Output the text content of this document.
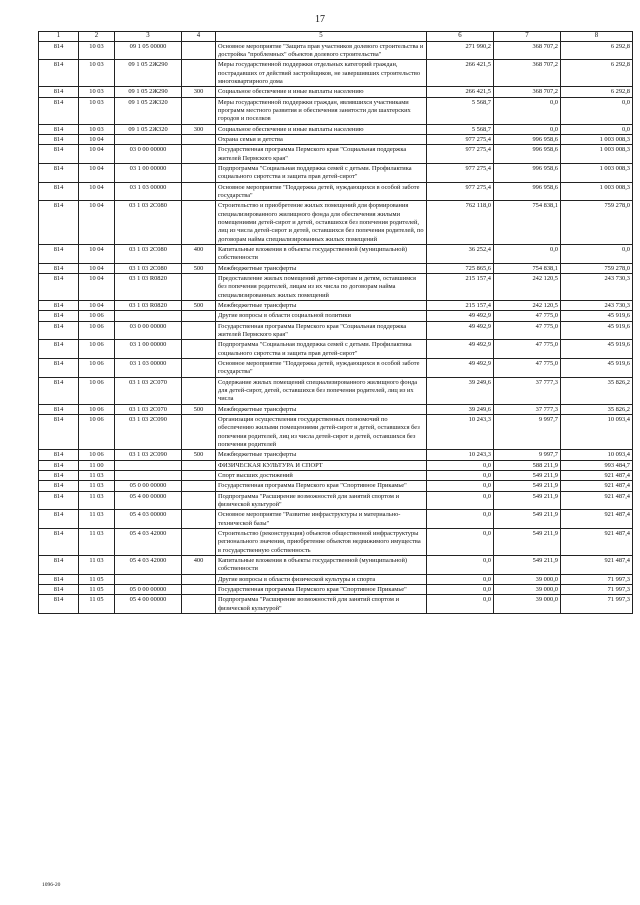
17
1	2	3	4	5	6	7	8
814	10 03	09 1 05 00000		Основное мероприятие "Защита прав участников долевого строительства и достройка "проблемных" объектов долевого строительства"	271 990,2	368 707,2	6 292,8
814	10 03	09 1 05 2Ж290		Меры государственной поддержки отдельных категорий граждан, пострадавших от действий застройщиков, не завершивших строительство многоквартирного дома	266 421,5	368 707,2	6 292,8
814	10 03	09 1 05 2Ж290	300	Социальное обеспечение и иные выплаты населению	266 421,5	368 707,2	6 292,8
814	10 03	09 1 05 2Ж320		Меры государственной поддержки граждан, являвшихся участниками программ местного развития и обеспечения занятости для шахтерских городов и поселков	5 568,7	0,0	0,0
814	10 03	09 1 05 2Ж320	300	Социальное обеспечение и иные выплаты населению	5 568,7	0,0	0,0
814	10 04			Охрана семьи и детства	977 275,4	996 958,6	1 003 008,3
814	10 04	03 0 00 00000		Государственная программа Пермского края "Социальная поддержка жителей Пермского края"	977 275,4	996 958,6	1 003 008,3
814	10 04	03 1 00 00000		Подпрограмма "Социальная поддержка семей с детьми. Профилактика социального сиротства и защита прав детей-сирот"	977 275,4	996 958,6	1 003 008,3
814	10 04	03 1 03 00000		Основное мероприятие "Поддержка детей, нуждающихся в особой заботе государства"	977 275,4	996 958,6	1 003 008,3
814	10 04	03 1 03 2С080		Строительство и приобретение жилых помещений для формирования специализированного жилищного фонда для обеспечения жилыми помещениями детей-сирот и детей, оставшихся без попечения родителей, лиц из числа детей-сирот и детей, оставшихся без попечения родителей, по договорам найма специализированных жилых помещений	762 118,0	754 838,1	759 278,0
814	10 04	03 1 03 2С080	400	Капитальные вложения в объекты государственной (муниципальной) собственности	36 252,4	0,0	0,0
814	10 04	03 1 03 2С080	500	Межбюджетные трансферты	725 865,6	754 838,1	759 278,0
814	10 04	03 1 03 R0820		Предоставление жилых помещений детям-сиротам и детям, оставшимся без попечения родителей, лицам из их числа по договорам найма специализированных жилых помещений	215 157,4	242 120,5	243 730,3
814	10 04	03 1 03 R0820	500	Межбюджетные трансферты	215 157,4	242 120,5	243 730,3
814	10 06			Другие вопросы в области социальной политики	49 492,9	47 775,0	45 919,6
814	10 06	03 0 00 00000		Государственная программа Пермского края "Социальная поддержка жителей Пермского края"	49 492,9	47 775,0	45 919,6
814	10 06	03 1 00 00000		Подпрограмма "Социальная поддержка семей с детьми. Профилактика социального сиротства и защита прав детей-сирот"	49 492,9	47 775,0	45 919,6
814	10 06	03 1 03 00000		Основное мероприятие "Поддержка детей, нуждающихся в особой заботе государства"	49 492,9	47 775,0	45 919,6
814	10 06	03 1 03 2С070		Содержание жилых помещений специализированного жилищного фонда для детей-сирот, детей, оставшихся без попечения родителей, лиц из их числа	39 249,6	37 777,3	35 826,2
814	10 06	03 1 03 2С070	500	Межбюджетные трансферты	39 249,6	37 777,3	35 826,2
814	10 06	03 1 03 2С090		Организация осуществления государственных полномочий по обеспечению жилыми помещениями детей-сирот и детей, оставшихся без попечения родителей, лиц из числа детей-сирот и детей, оставшихся без попечения родителей	10 243,3	9 997,7	10 093,4
814	10 06	03 1 03 2С090	500	Межбюджетные трансферты	10 243,3	9 997,7	10 093,4
814	11 00			ФИЗИЧЕСКАЯ КУЛЬТУРА И СПОРТ	0,0	588 211,9	993 484,7
814	11 03			Спорт высших достижений	0,0	549 211,9	921 487,4
814	11 03	05 0 00 00000		Государственная программа Пермского края "Спортивное Прикамье"	0,0	549 211,9	921 487,4
814	11 03	05 4 00 00000		Подпрограмма "Расширение возможностей для занятий спортом и физической культурой"	0,0	549 211,9	921 487,4
814	11 03	05 4 03 00000		Основное мероприятие "Развитие инфраструктуры и материально-технической базы"	0,0	549 211,9	921 487,4
814	11 03	05 4 03 42000		Строительство (реконструкция) объектов общественной инфраструктуры регионального значения, приобретение объектов недвижимого имущества в государственную собственность	0,0	549 211,9	921 487,4
814	11 03	05 4 03 42000	400	Капитальные вложения в объекты государственной (муниципальной) собственности	0,0	549 211,9	921 487,4
814	11 05			Другие вопросы в области физической культуры и спорта	0,0	39 000,0	71 997,3
814	11 05	05 0 00 00000		Государственная программа Пермского края "Спортивное Прикамье"	0,0	39 000,0	71 997,3
814	11 05	05 4 00 00000		Подпрограмма "Расширение возможностей для занятий спортом и физической культурой"	0,0	39 000,0	71 997,3
1096-20
